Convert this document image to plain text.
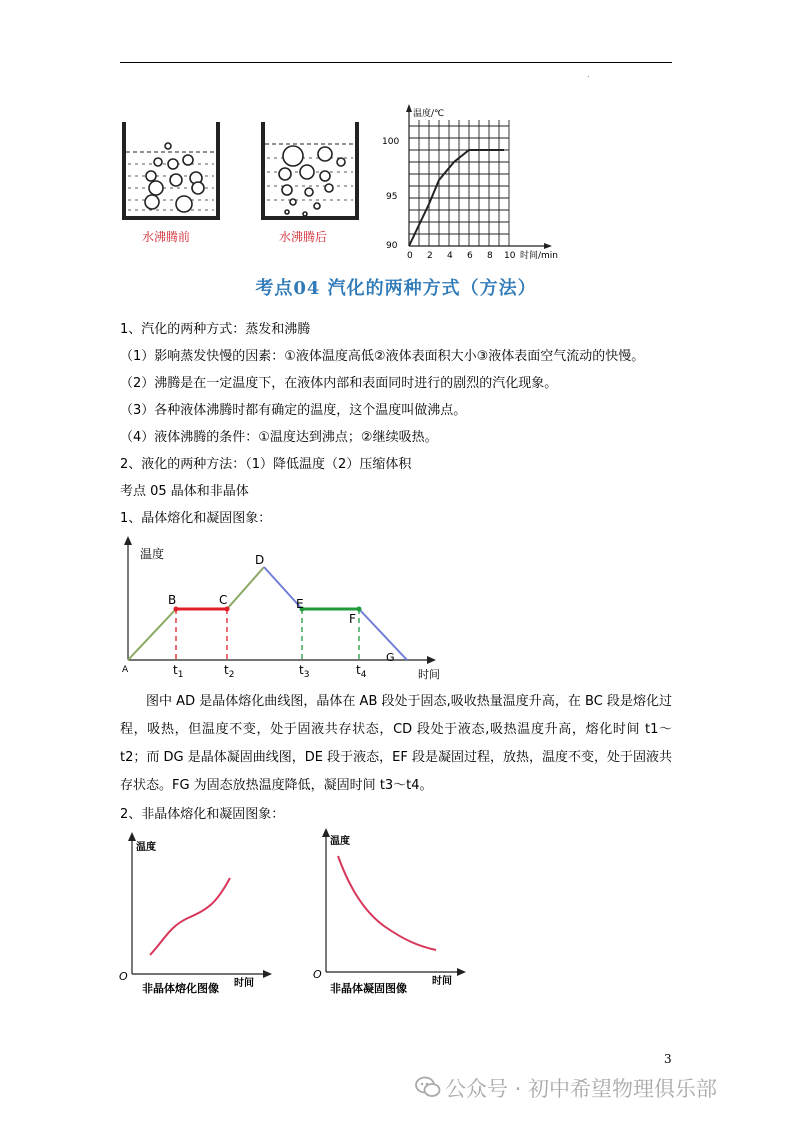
.
水沸腾前	水沸腾后
温度/℃
90
95
100
0 2 4 6 8 10 时间/min
考点04 汽化的两种方式（方法）
1、汽化的两种方式：蒸发和沸腾
（1）影响蒸发快慢的因素：①液体温度高低②液体表面积大小③液体表面空气流动的快慢。
（2）沸腾是在一定温度下，在液体内部和表面同时进行的剧烈的汽化现象。
（3）各种液体沸腾时都有确定的温度，这个温度叫做沸点。
（4）液体沸腾的条件：①温度达到沸点；②继续吸热。
2、液化的两种方法：（1）降低温度（2）压缩体积
考点 05 晶体和非晶体
1、晶体熔化和凝固图象：
温度
时间
A
B	C
D
E
F
G
$t_1$	$t_2$	$t_3$	$t_4$
图中 AD 是晶体熔化曲线图，晶体在 AB 段处于固态,吸收热量温度升高，在 BC 段是熔化过程，吸热，但温度不变，处于固液共存状态，CD 段处于液态,吸热温度升高，熔化时间 t1～t2；而 DG 是晶体凝固曲线图，DE 段于液态，EF 段是凝固过程，放热，温度不变，处于固液共存状态。FG 为固态放热温度降低，凝固时间 t3～t4。
2、非晶体熔化和凝固图象：
温度
O
时间
非晶体熔化图像
温度
O
时间
非晶体凝固图像
3
公众号 · 初中希望物理俱乐部
